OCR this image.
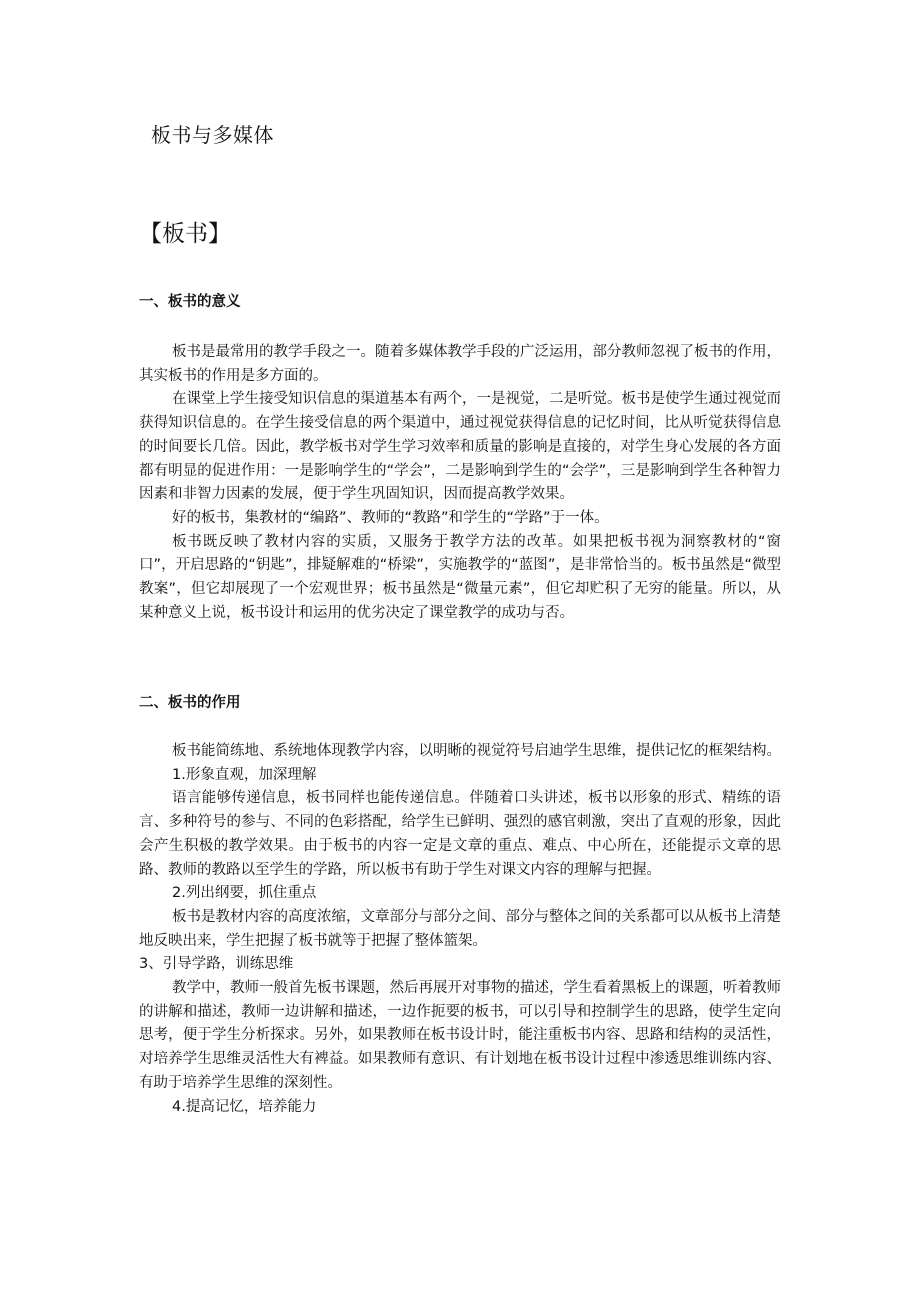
板书与多媒体
【板书】
一、板书的意义

板书是最常用的教学手段之一。随着多媒体教学手段的广泛运用，部分教师忽视了板书的作用，其实板书的作用是多方面的。

在课堂上学生接受知识信息的渠道基本有两个，一是视觉，二是听觉。板书是使学生通过视觉而获得知识信息的。在学生接受信息的两个渠道中，通过视觉获得信息的记忆时间，比从听觉获得信息的时间要长几倍。因此，教学板书对学生学习效率和质量的影响是直接的，对学生身心发展的各方面都有明显的促进作用：一是影响学生的“学会”，二是影响到学生的“会学”，三是影响到学生各种智力因素和非智力因素的发展，便于学生巩固知识，因而提高教学效果。

好的板书，集教材的“编路”、教师的“教路”和学生的“学路”于一体。

板书既反映了教材内容的实质，又服务于教学方法的改革。如果把板书视为洞察教材的“窗口”，开启思路的“钥匙”，排疑解难的“桥梁”，实施教学的“蓝图”，是非常恰当的。板书虽然是“微型教案”，但它却展现了一个宏观世界；板书虽然是“微量元素”，但它却贮积了无穷的能量。所以，从某种意义上说，板书设计和运用的优劣决定了课堂教学的成功与否。

二、板书的作用

板书能简练地、系统地体现教学内容，以明晰的视觉符号启迪学生思维，提供记忆的框架结构。

1.形象直观，加深理解

语言能够传递信息，板书同样也能传递信息。伴随着口头讲述，板书以形象的形式、精练的语言、多种符号的参与、不同的色彩搭配，给学生已鲜明、强烈的感官刺激，突出了直观的形象，因此会产生积极的教学效果。由于板书的内容一定是文章的重点、难点、中心所在，还能提示文章的思路、教师的教路以至学生的学路，所以板书有助于学生对课文内容的理解与把握。

2.列出纲要，抓住重点

板书是教材内容的高度浓缩，文章部分与部分之间、部分与整体之间的关系都可以从板书上清楚地反映出来，学生把握了板书就等于把握了整体篮架。

3、引导学路，训练思维

教学中，教师一般首先板书课题，然后再展开对事物的描述，学生看着黑板上的课题，听着教师的讲解和描述，教师一边讲解和描述，一边作扼要的板书，可以引导和控制学生的思路，使学生定向思考，便于学生分析探求。另外，如果教师在板书设计时，能注重板书内容、思路和结构的灵活性，对培养学生思维灵活性大有裨益。如果教师有意识、有计划地在板书设计过程中渗透思维训练内容、有助于培养学生思维的深刻性。

4.提高记忆，培养能力
